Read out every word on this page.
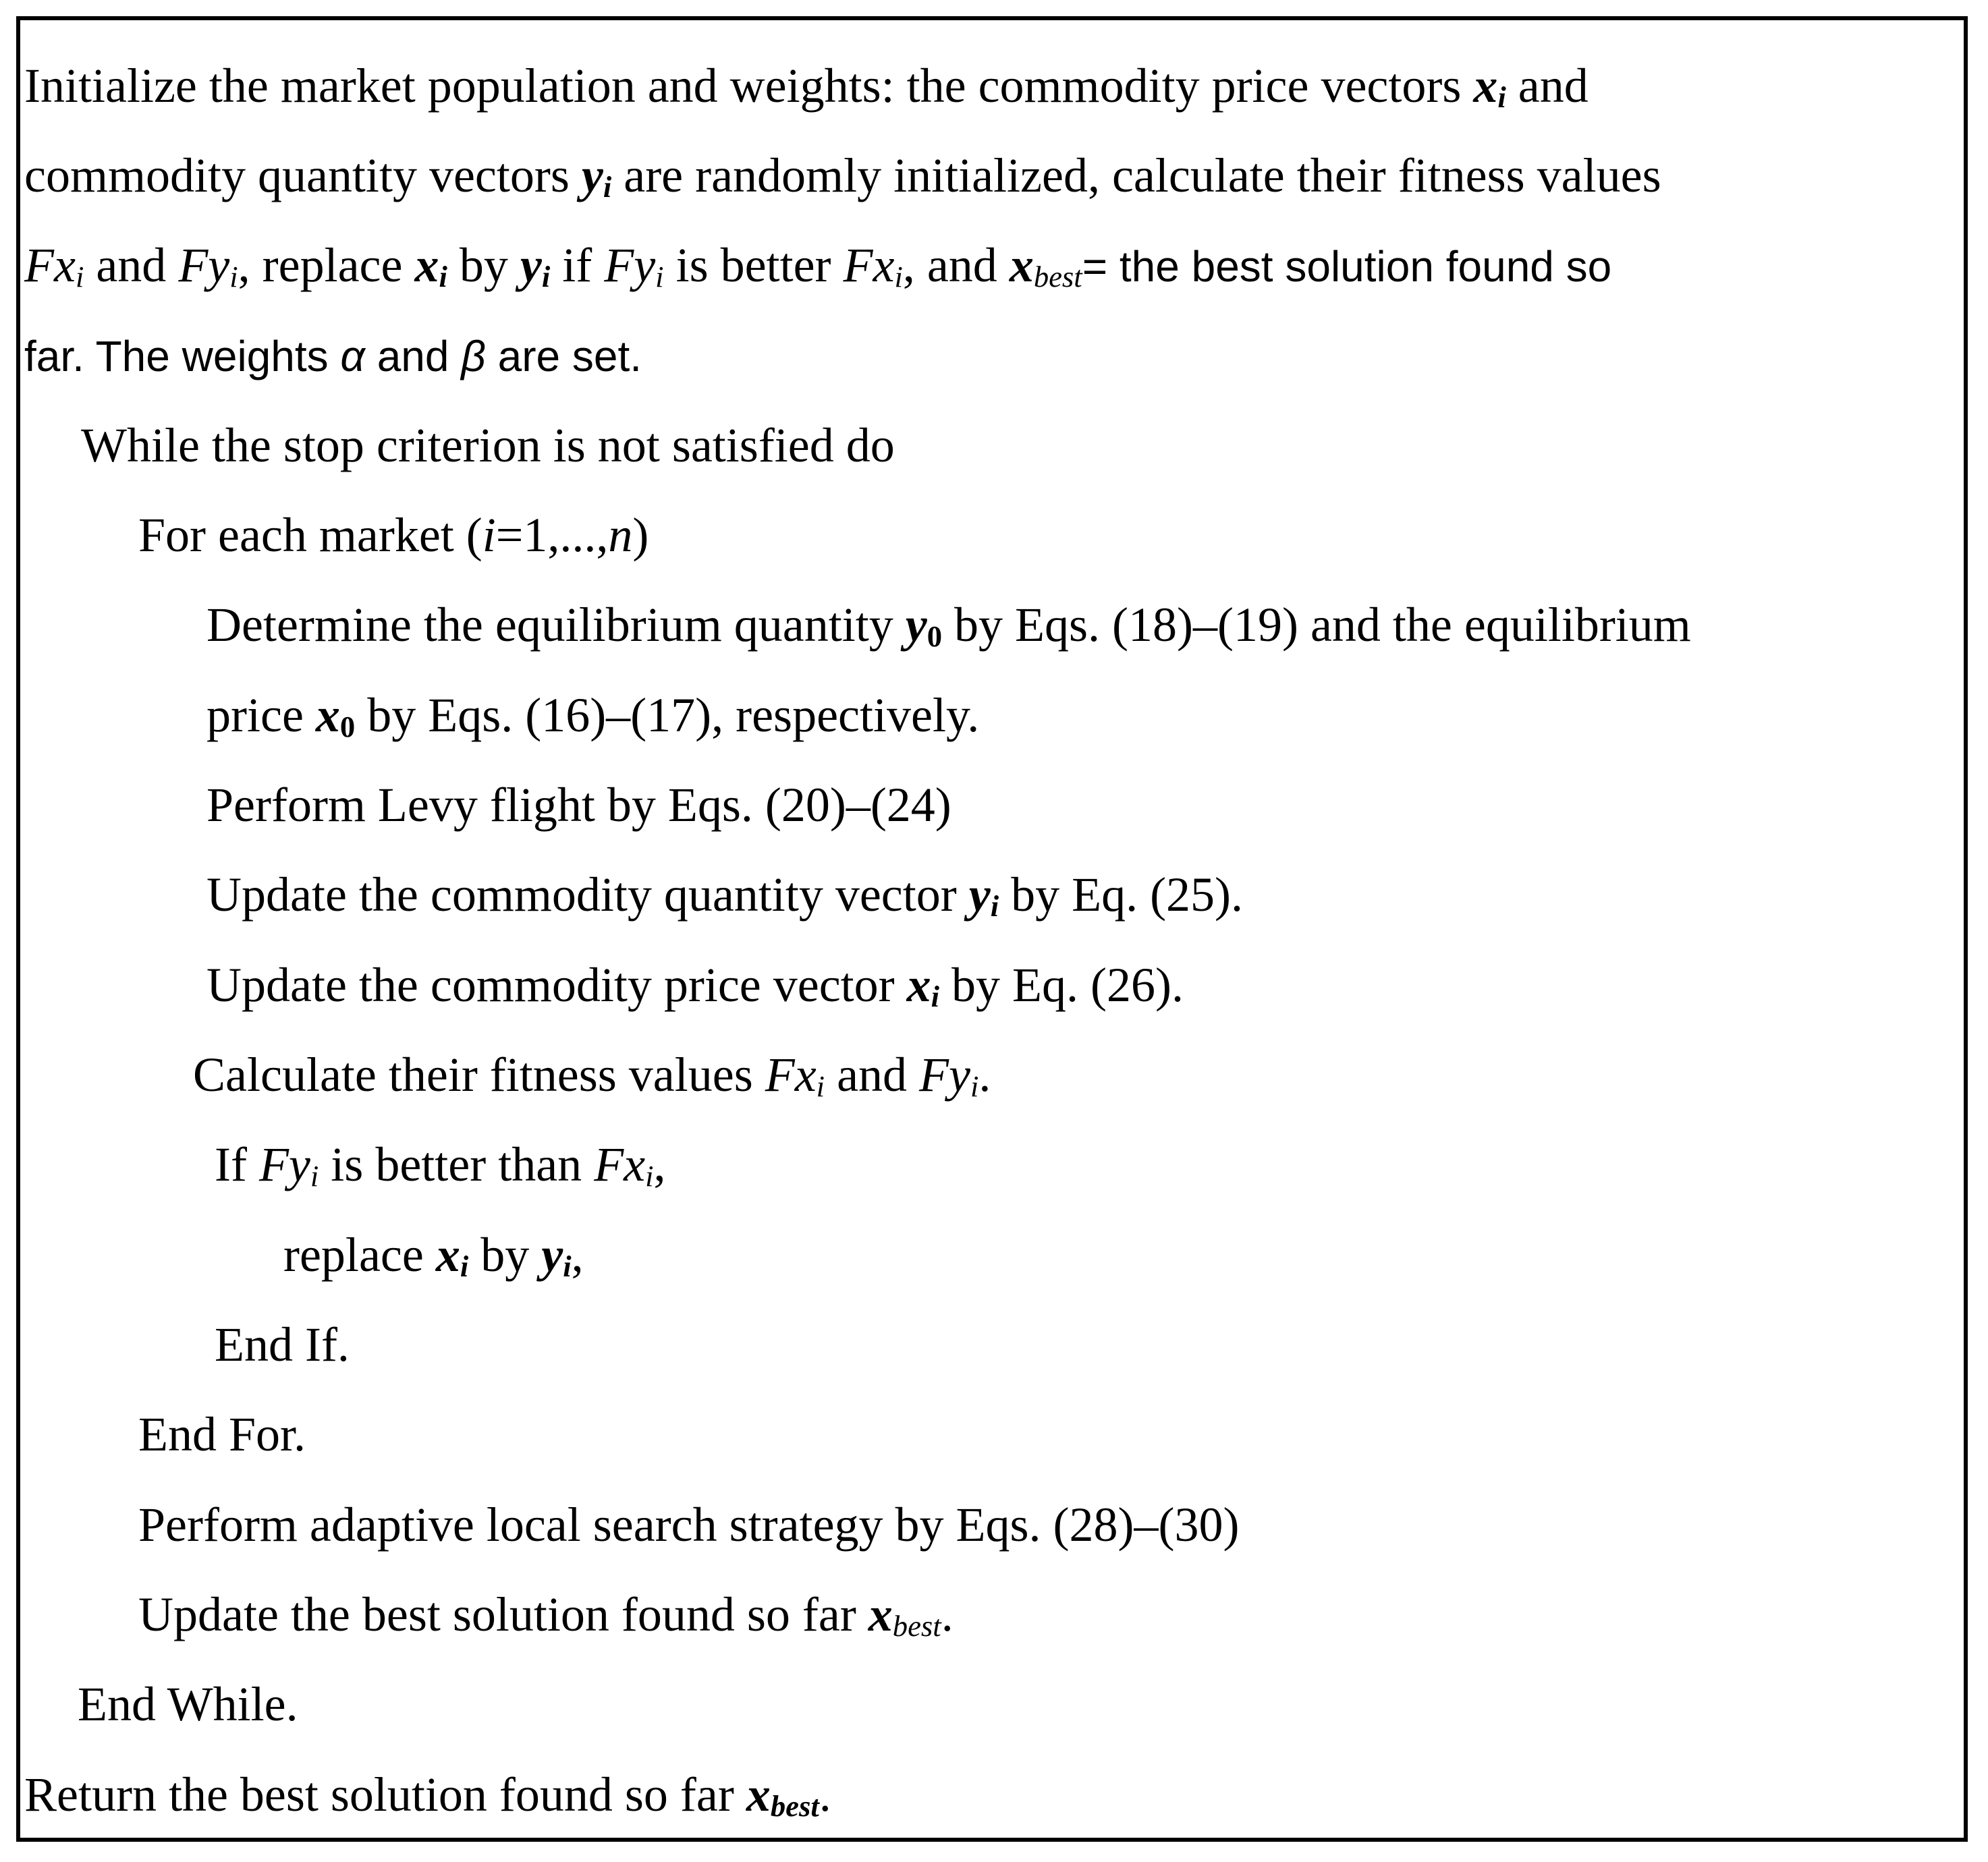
Initialize the market population and weights: the commodity price vectors xi and
commodity quantity vectors yi are randomly initialized, calculate their fitness values
Fxi and Fyi, replace xi by yi if Fyi is better Fxi, and xbest= the best solution found so
far. The weights α and β are set.
While the stop criterion is not satisfied do
For each market (i=1,...,n)
Determine the equilibrium quantity y0 by Eqs. (18)–(19) and the equilibrium
price x0 by Eqs. (16)–(17), respectively.
Perform Levy flight by Eqs. (20)–(24)
Update the commodity quantity vector yi by Eq. (25).
Update the commodity price vector xi by Eq. (26).
Calculate their fitness values Fxi and Fyi.
If Fyi is better than Fxi,
replace xi by yi,
End If.
End For.
Perform adaptive local search strategy by Eqs. (28)–(30)
Update the best solution found so far xbest.
End While.
Return the best solution found so far xbest.
